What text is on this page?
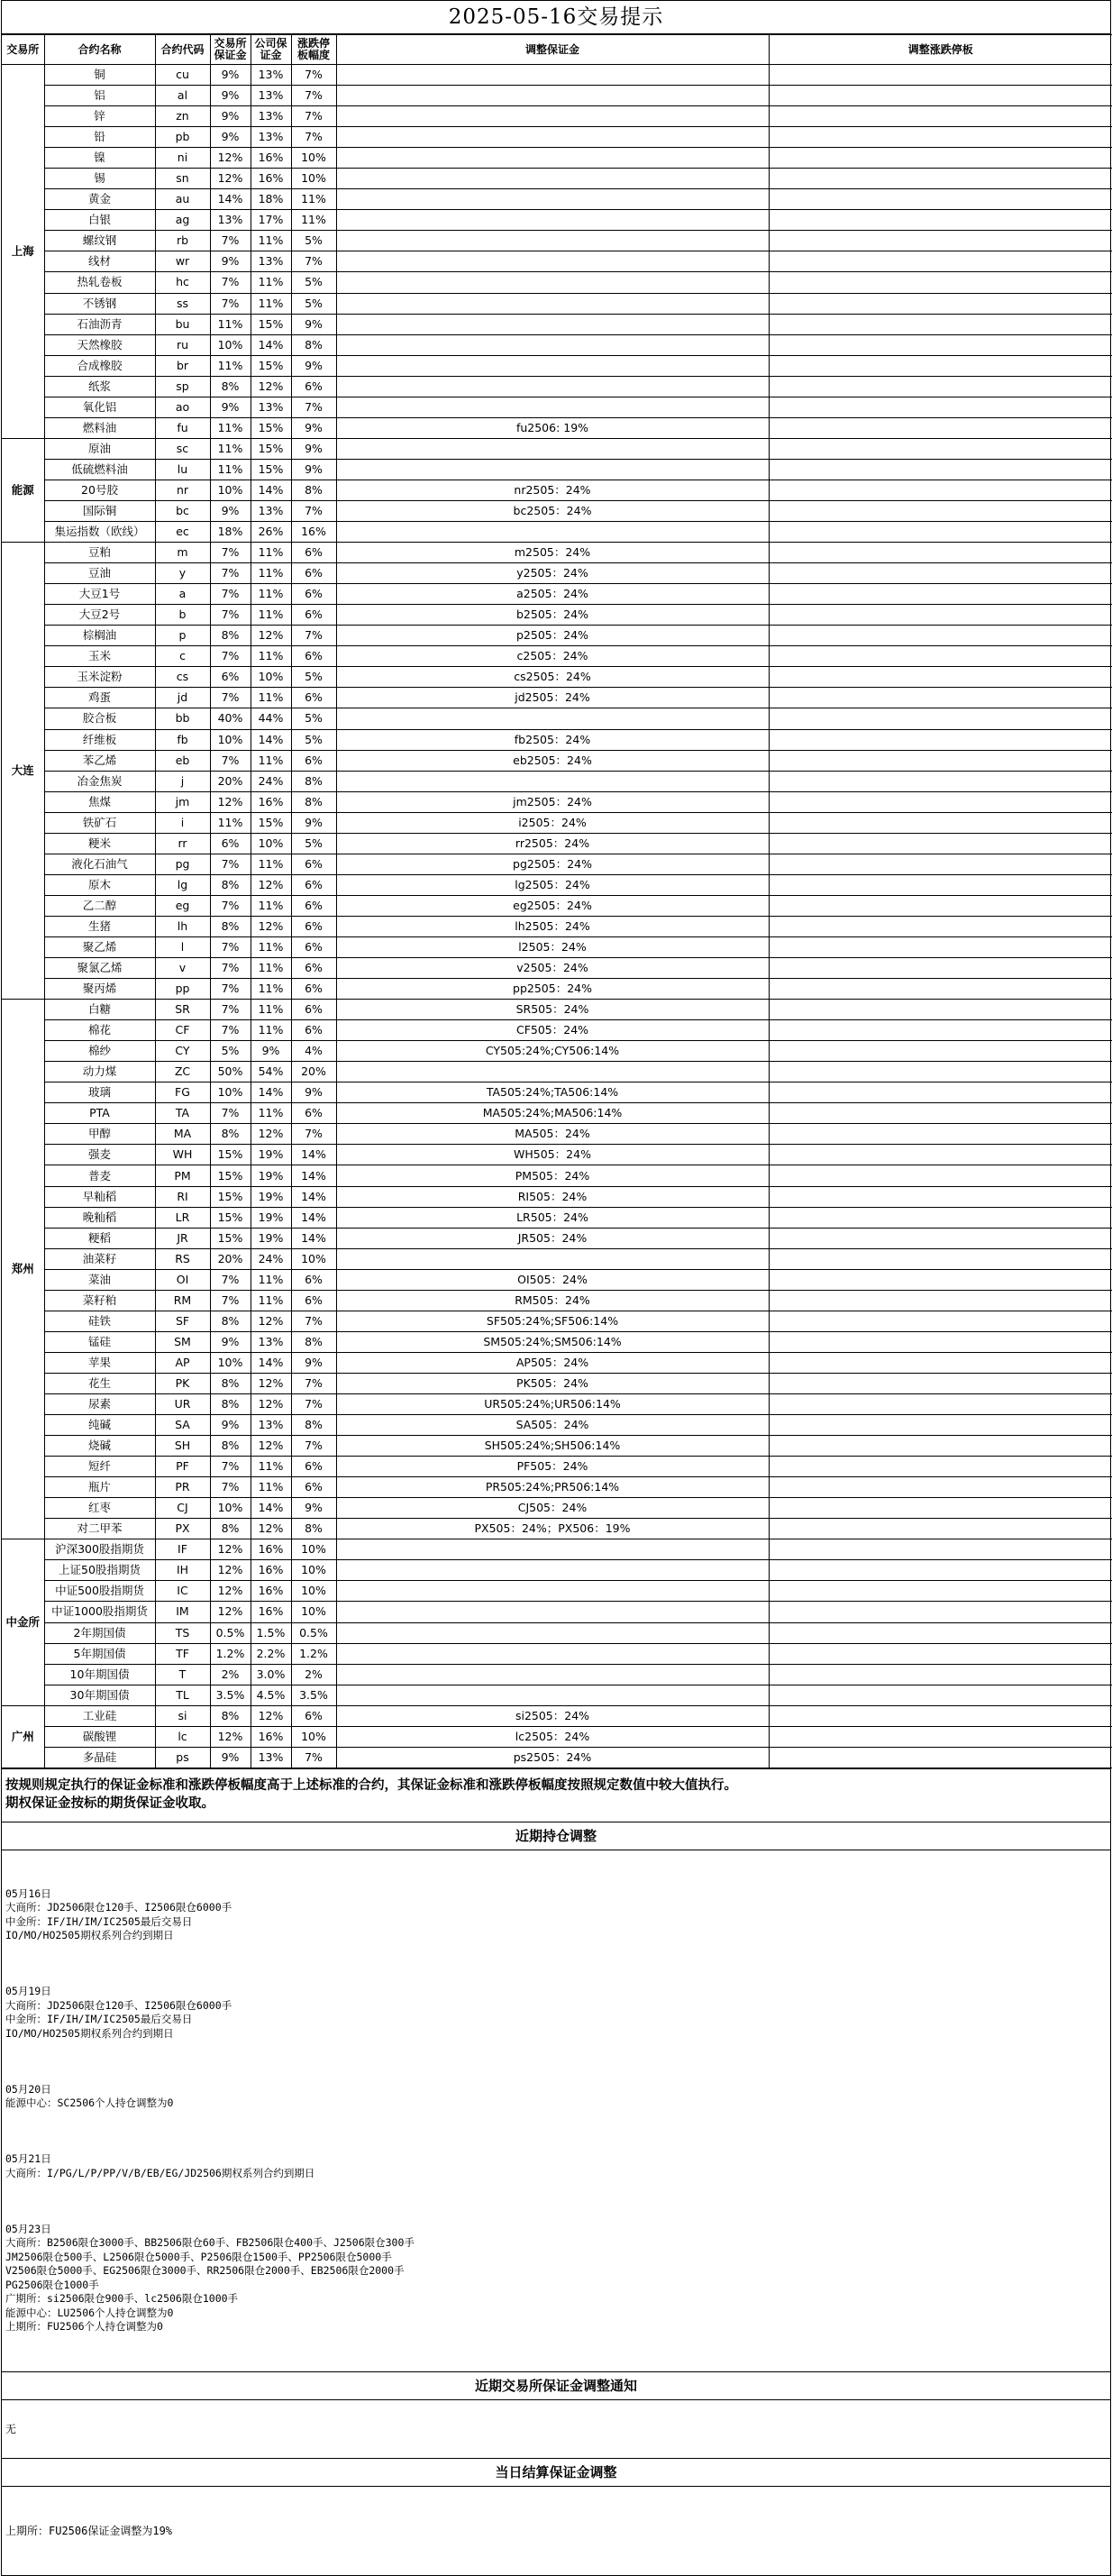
2025-05-16交易提示
交易所	合约名称	合约代码	交易所保证金	公司保证金	涨跌停板幅度	调整保证金	调整涨跌停板
上海	铜	cu	9%	13%	7%		
	铝	al	9%	13%	7%		
	锌	zn	9%	13%	7%		
	铅	pb	9%	13%	7%		
	镍	ni	12%	16%	10%		
	锡	sn	12%	16%	10%		
	黄金	au	14%	18%	11%		
	白银	ag	13%	17%	11%		
	螺纹钢	rb	7%	11%	5%		
	线材	wr	9%	13%	7%		
	热轧卷板	hc	7%	11%	5%		
	不锈钢	ss	7%	11%	5%		
	石油沥青	bu	11%	15%	9%		
	天然橡胶	ru	10%	14%	8%		
	合成橡胶	br	11%	15%	9%		
	纸浆	sp	8%	12%	6%		
	氧化铝	ao	9%	13%	7%		
	燃料油	fu	11%	15%	9%	fu2506: 19%	
能源	原油	sc	11%	15%	9%		
	低硫燃料油	lu	11%	15%	9%		
	20号胶	nr	10%	14%	8%	nr2505：24%	
	国际铜	bc	9%	13%	7%	bc2505：24%	
	集运指数（欧线）	ec	18%	26%	16%		
大连	豆粕	m	7%	11%	6%	m2505：24%	
	豆油	y	7%	11%	6%	y2505：24%	
	大豆1号	a	7%	11%	6%	a2505：24%	
	大豆2号	b	7%	11%	6%	b2505：24%	
	棕榈油	p	8%	12%	7%	p2505：24%	
	玉米	c	7%	11%	6%	c2505：24%	
	玉米淀粉	cs	6%	10%	5%	cs2505：24%	
	鸡蛋	jd	7%	11%	6%	jd2505：24%	
	胶合板	bb	40%	44%	5%		
	纤维板	fb	10%	14%	5%	fb2505：24%	
	苯乙烯	eb	7%	11%	6%	eb2505：24%	
	冶金焦炭	j	20%	24%	8%		
	焦煤	jm	12%	16%	8%	jm2505：24%	
	铁矿石	i	11%	15%	9%	i2505：24%	
	粳米	rr	6%	10%	5%	rr2505：24%	
	液化石油气	pg	7%	11%	6%	pg2505：24%	
	原木	lg	8%	12%	6%	lg2505：24%	
	乙二醇	eg	7%	11%	6%	eg2505：24%	
	生猪	lh	8%	12%	6%	lh2505：24%	
	聚乙烯	l	7%	11%	6%	l2505：24%	
	聚氯乙烯	v	7%	11%	6%	v2505：24%	
	聚丙烯	pp	7%	11%	6%	pp2505：24%	
郑州	白糖	SR	7%	11%	6%	SR505：24%	
	棉花	CF	7%	11%	6%	CF505：24%	
	棉纱	CY	5%	9%	4%	CY505:24%;CY506:14%	
	动力煤	ZC	50%	54%	20%		
	玻璃	FG	10%	14%	9%	TA505:24%;TA506:14%	
	PTA	TA	7%	11%	6%	MA505:24%;MA506:14%	
	甲醇	MA	8%	12%	7%	MA505：24%	
	强麦	WH	15%	19%	14%	WH505：24%	
	普麦	PM	15%	19%	14%	PM505：24%	
	早籼稻	RI	15%	19%	14%	RI505：24%	
	晚籼稻	LR	15%	19%	14%	LR505：24%	
	粳稻	JR	15%	19%	14%	JR505：24%	
	油菜籽	RS	20%	24%	10%		
	菜油	OI	7%	11%	6%	OI505：24%	
	菜籽粕	RM	7%	11%	6%	RM505：24%	
	硅铁	SF	8%	12%	7%	SF505:24%;SF506:14%	
	锰硅	SM	9%	13%	8%	SM505:24%;SM506:14%	
	苹果	AP	10%	14%	9%	AP505：24%	
	花生	PK	8%	12%	7%	PK505：24%	
	尿素	UR	8%	12%	7%	UR505:24%;UR506:14%	
	纯碱	SA	9%	13%	8%	SA505：24%	
	烧碱	SH	8%	12%	7%	SH505:24%;SH506:14%	
	短纤	PF	7%	11%	6%	PF505：24%	
	瓶片	PR	7%	11%	6%	PR505:24%;PR506:14%	
	红枣	CJ	10%	14%	9%	CJ505：24%	
	对二甲苯	PX	8%	12%	8%	PX505：24%；PX506：19%	
中金所	沪深300股指期货	IF	12%	16%	10%		
	上证50股指期货	IH	12%	16%	10%		
	中证500股指期货	IC	12%	16%	10%		
	中证1000股指期货	IM	12%	16%	10%		
	2年期国债	TS	0.5%	1.5%	0.5%		
	5年期国债	TF	1.2%	2.2%	1.2%		
	10年期国债	T	2%	3.0%	2%		
	30年期国债	TL	3.5%	4.5%	3.5%		
广州	工业硅	si	8%	12%	6%	si2505：24%	
	碳酸锂	lc	12%	16%	10%	lc2505：24%	
	多晶硅	ps	9%	13%	7%	ps2505：24%	
按规则规定执行的保证金标准和涨跌停板幅度高于上述标准的合约，其保证金标准和涨跌停板幅度按照规定数值中较大值执行。
期权保证金按标的期货保证金收取。
近期持仓调整

05月16日
大商所：JD2506限仓120手、I2506限仓6000手
中金所：IF/IH/IM/IC2505最后交易日
IO/MO/HO2505期权系列合约到期日

05月19日
大商所：JD2506限仓120手、I2506限仓6000手
中金所：IF/IH/IM/IC2505最后交易日
IO/MO/HO2505期权系列合约到期日

05月20日
能源中心：SC2506个人持仓调整为0

05月21日
大商所：I/PG/L/P/PP/V/B/EB/EG/JD2506期权系列合约到期日

05月23日
大商所：B2506限仓3000手、BB2506限仓60手、FB2506限仓400手、J2506限仓300手
JM2506限仓500手、L2506限仓5000手、P2506限仓1500手、PP2506限仓5000手
V2506限仓5000手、EG2506限仓3000手、RR2506限仓2000手、EB2506限仓2000手
PG2506限仓1000手
广期所：si2506限仓900手、lc2506限仓1000手
能源中心：LU2506个人持仓调整为0
上期所：FU2506个人持仓调整为0

近期交易所保证金调整通知
无
当日结算保证金调整
上期所：FU2506保证金调整为19%
